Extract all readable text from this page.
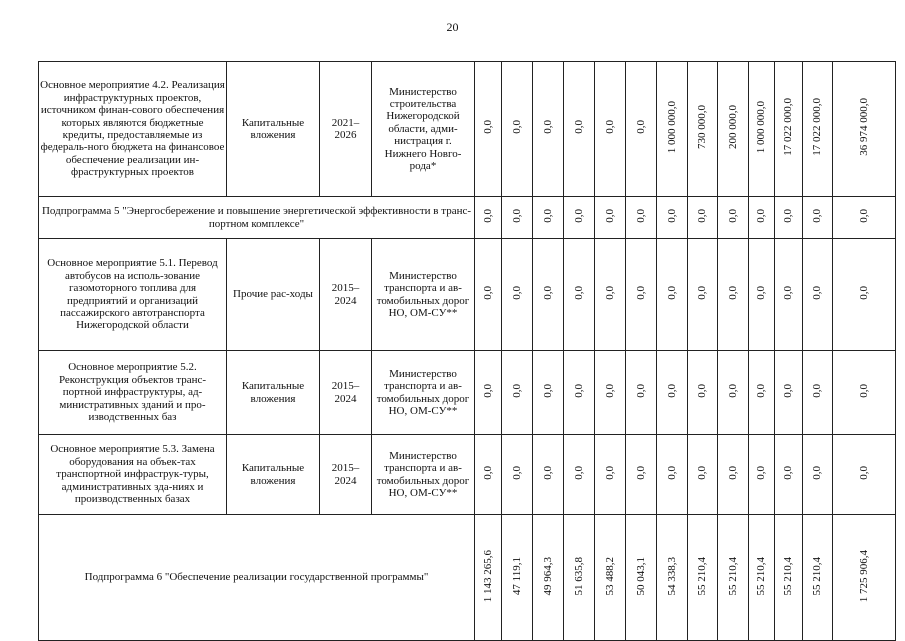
20
Основное мероприятие 4.2. Реализация инфраструктурных проектов, источником финан-сового обеспечения которых являются бюджетные кредиты, предоставляемые из федераль-ного бюджета на финансовое обеспечение реализации ин-фраструктурных проектов	Капитальные вложения	2021–2026	Министерство строительства Нижегородской области, адми-нистрация г. Нижнего Новго-рода*	0,0	0,0	0,0	0,0	0,0	0,0	1 000 000,0	730 000,0	200 000,0	1 000 000,0	17 022 000,0	17 022 000,0	36 974 000,0
Подпрограмма 5 "Энергосбережение и повышение энергетической эффективности в транс-портном комплексе"				0,0	0,0	0,0	0,0	0,0	0,0	0,0	0,0	0,0	0,0	0,0	0,0	0,0
Основное мероприятие 5.1. Перевод автобусов на исполь-зование газомоторного топлива для предприятий и организаций пассажирского автотранспорта Нижегородской области	Прочие рас-ходы	2015–2024	Министерство транспорта и ав-томобильных дорог НО, ОМ-СУ**	0,0	0,0	0,0	0,0	0,0	0,0	0,0	0,0	0,0	0,0	0,0	0,0	0,0
Основное мероприятие 5.2. Реконструкция объектов транс-портной инфраструктуры, ад-министративных зданий и про-изводственных баз	Капитальные вложения	2015–2024	Министерство транспорта и ав-томобильных дорог НО, ОМ-СУ**	0,0	0,0	0,0	0,0	0,0	0,0	0,0	0,0	0,0	0,0	0,0	0,0	0,0
Основное мероприятие 5.3. Замена оборудования на объек-тах транспортной инфраструк-туры, административных зда-ниях и производственных базах	Капитальные вложения	2015–2024	Министерство транспорта и ав-томобильных дорог НО, ОМ-СУ**	0,0	0,0	0,0	0,0	0,0	0,0	0,0	0,0	0,0	0,0	0,0	0,0	0,0
Подпрограмма 6 "Обеспечение реализации государственной программы"				1 143 265,6	47 119,1	49 964,3	51 635,8	53 488,2	50 043,1	54 338,3	55 210,4	55 210,4	55 210,4	55 210,4	55 210,4	1 725 906,4
